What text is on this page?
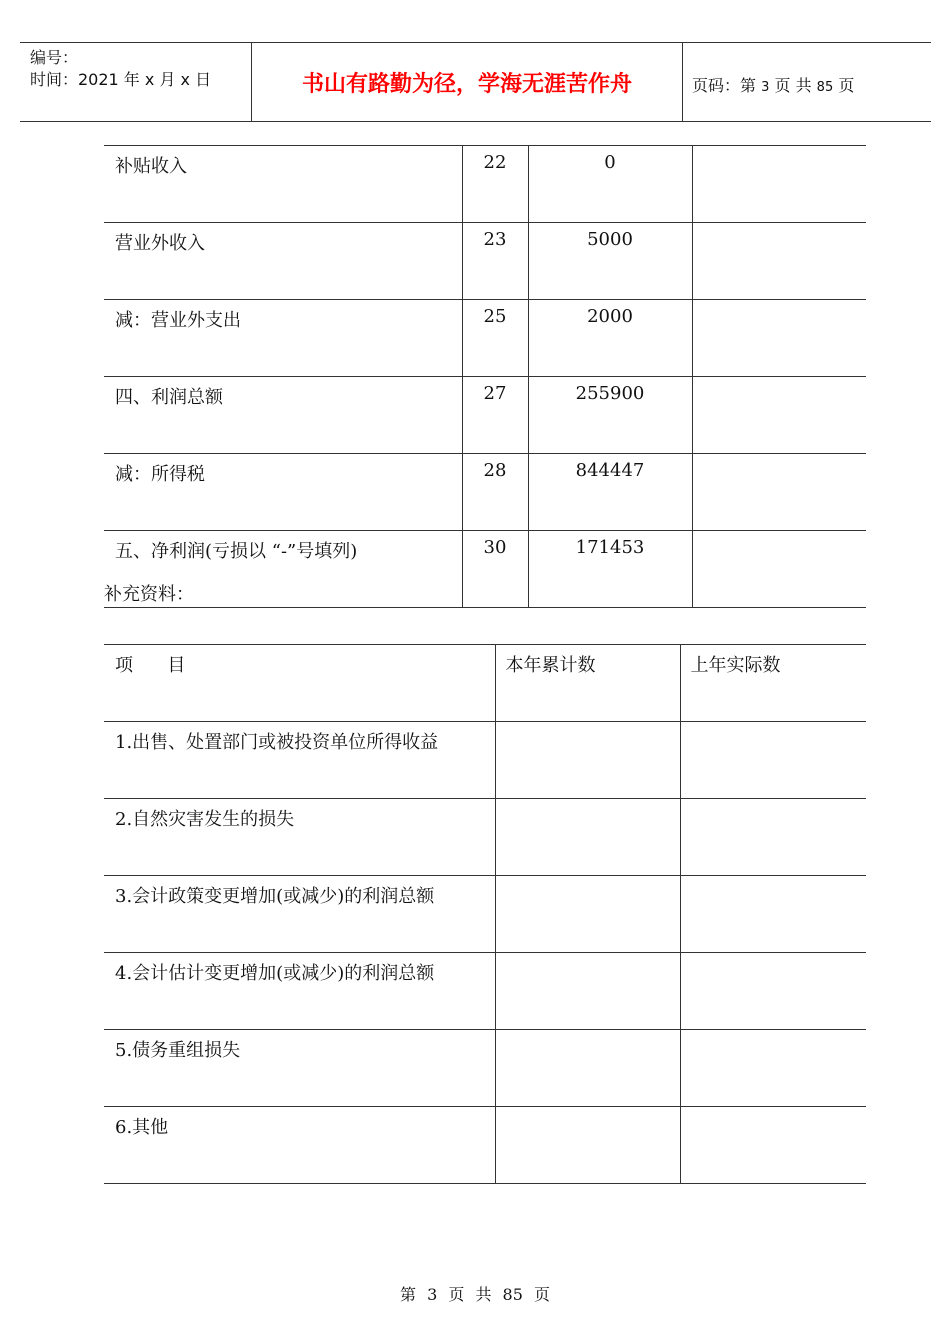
编号：
时间：2021 年 x 月 x 日	书山有路勤为径，学海无涯苦作舟	页码：第 3 页 共 85 页
补贴收入	22	0	
营业外收入	23	5000	
减：营业外支出	25	2000	
四、利润总额	27	255900	
减：所得税	28	844447	
五、净利润(亏损以 “-”号填列)	30	171453	
补充资料：
项      目	本年累计数	上年实际数
1.出售、处置部门或被投资单位所得收益		
2.自然灾害发生的损失		
3.会计政策变更增加(或减少)的利润总额		
4.会计估计变更增加(或减少)的利润总额		
5.债务重组损失		
6.其他		
第 3 页 共 85 页
